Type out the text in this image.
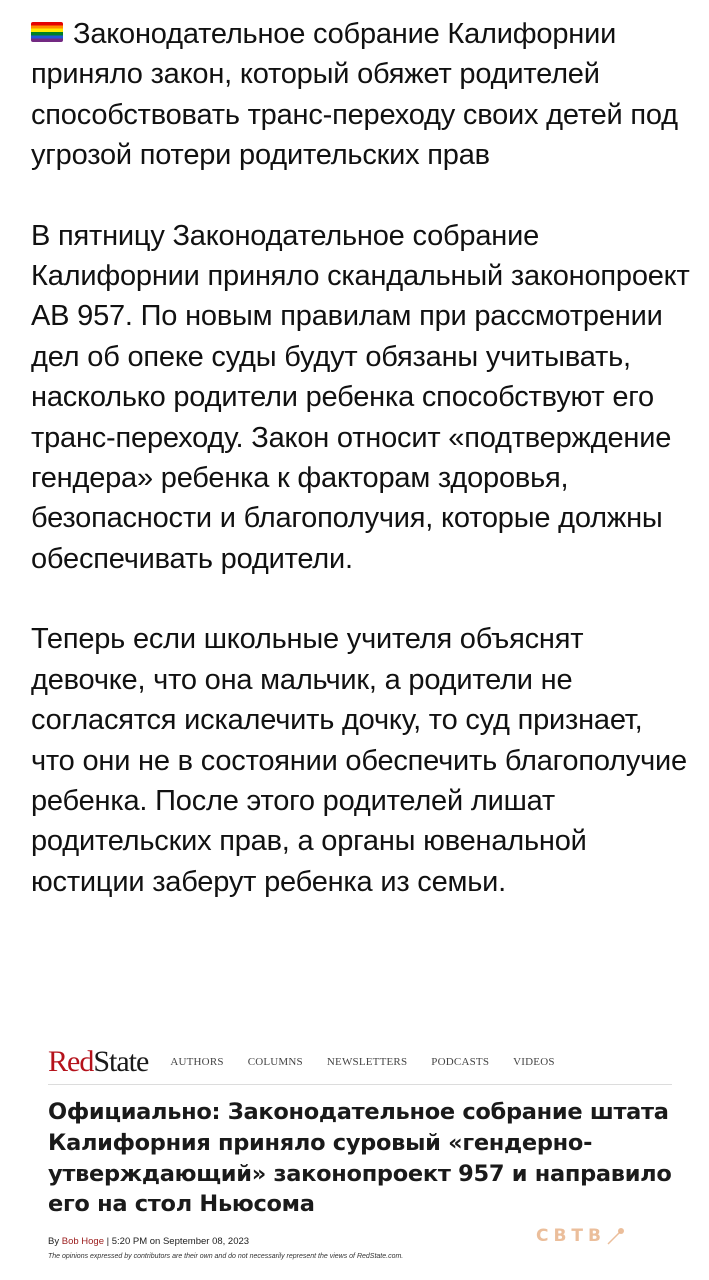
Законодательное собрание Калифорнии приняло закон, который обяжет родителей способствовать транс-переходу своих детей под угрозой потери родительских прав

В пятницу Законодательное собрание Калифорнии приняло скандальный законопроект AB 957. По новым правилам при рассмотрении дел об опеке суды будут обязаны учитывать, насколько родители ребенка способствуют его транс-переходу. Закон относит «подтверждение гендера» ребенка к факторам здоровья, безопасности и благополучия, которые должны обеспечивать родители.

Теперь если школьные учителя объяснят девочке, что она мальчик, а родители не согласятся искалечить дочку, то суд признает, что они не в состоянии обеспечить благополучие ребенка. После этого родителей лишат родительских прав, а органы ювенальной юстиции заберут ребенка из семьи.

RedState AUTHORS COLUMNS NEWSLETTERS PODCASTS VIDEOS
Официально: Законодательное собрание штата Калифорния приняло суровый «гендерно-утверждающий» законопроект 957 и направило его на стол Ньюсома
By Bob Hoge | 5:20 PM on September 08, 2023
The opinions expressed by contributors are their own and do not necessarily represent the views of RedState.com.
СВТВ
